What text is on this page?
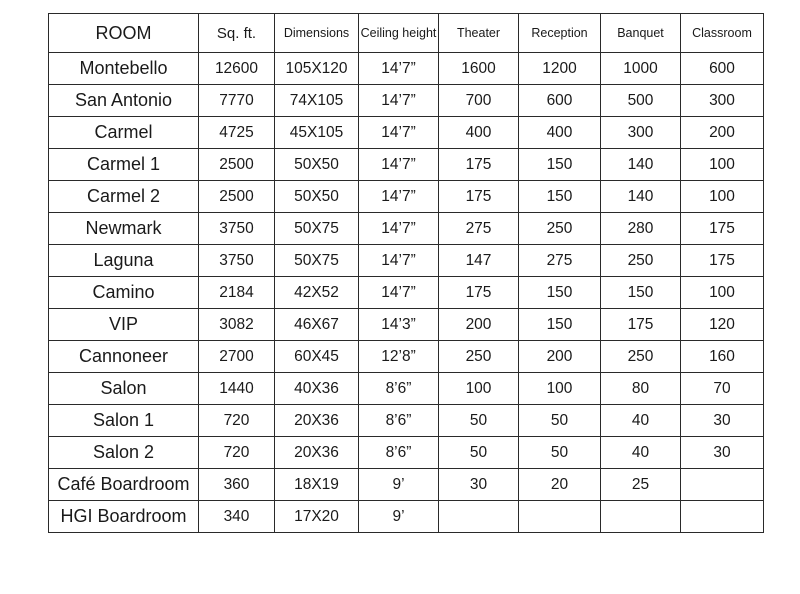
ROOM	Sq. ft.	Dimensions	Ceiling height	Theater	Reception	Banquet	Classroom
Montebello	12600	105X120	14’7”	1600	1200	1000	600
San Antonio	7770	74X105	14’7”	700	600	500	300
Carmel	4725	45X105	14’7”	400	400	300	200
Carmel 1	2500	50X50	14’7”	175	150	140	100
Carmel 2	2500	50X50	14’7”	175	150	140	100
Newmark	3750	50X75	14’7”	275	250	280	175
Laguna	3750	50X75	14’7”	147	275	250	175
Camino	2184	42X52	14’7”	175	150	150	100
VIP	3082	46X67	14’3”	200	150	175	120
Cannoneer	2700	60X45	12’8”	250	200	250	160
Salon	1440	40X36	8’6”	100	100	80	70
Salon 1	720	20X36	8’6”	50	50	40	30
Salon 2	720	20X36	8’6”	50	50	40	30
Café Boardroom	360	18X19	9’	30	20	25	
HGI Boardroom	340	17X20	9’				
